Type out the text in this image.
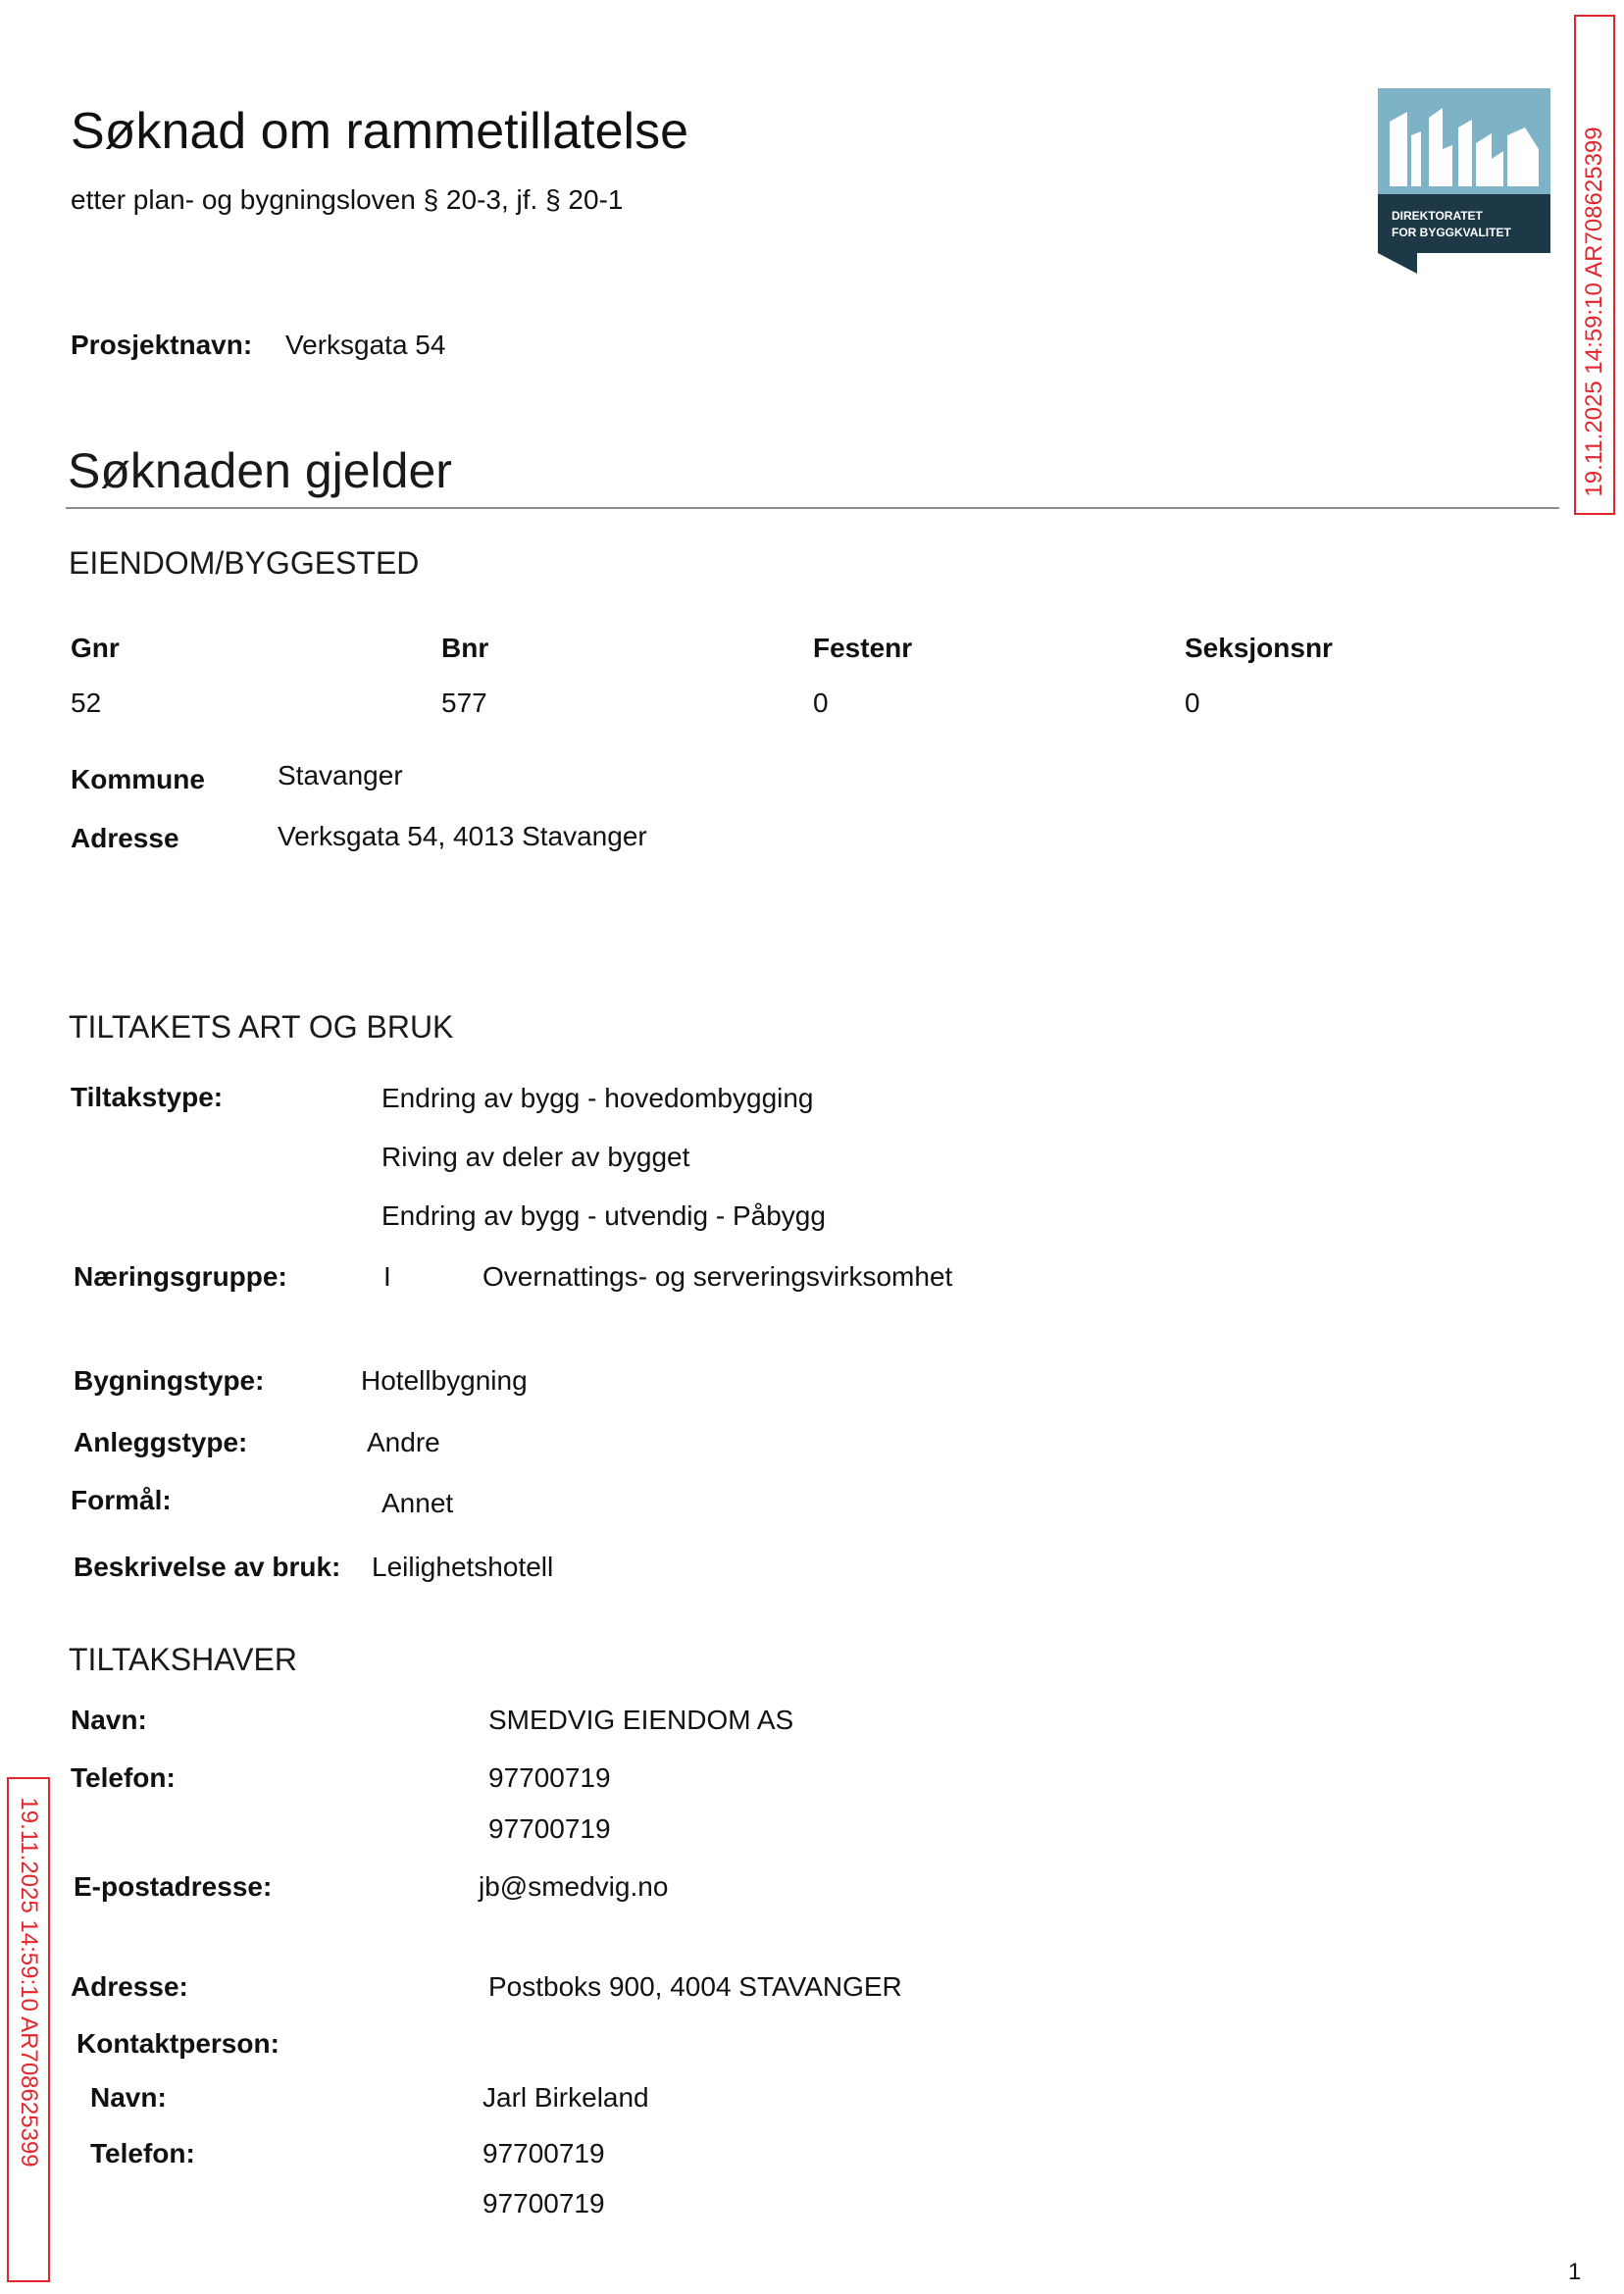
Søknad om rammetillatelse
etter plan- og bygningsloven § 20-3, jf. § 20-1
DIREKTORATET
FOR BYGGKVALITET	19.11.2025 14:59:10 AR708625399
19.11.2025 14:59:10 AR708625399
Prosjektnavn: Verksgata 54
Søknaden gjelder
EIENDOM/BYGGESTED
Gnr	Bnr	Festenr	Seksjonsnr
52	577	0	0
Kommune	Stavanger
Adresse	Verksgata 54, 4013 Stavanger
TILTAKETS ART OG BRUK
Tiltakstype:	Endring av bygg - hovedombygging
Riving av deler av bygget
Endring av bygg - utvendig - Påbygg
Næringsgruppe:	I	Overnattings- og serveringsvirksomhet
Bygningstype:	Hotellbygning
Anleggstype:	Andre
Formål:	Annet
Beskrivelse av bruk: Leilighetshotell
TILTAKSHAVER
Navn:	SMEDVIG EIENDOM AS
Telefon:	97700719
97700719
E-postadresse:	jb@smedvig.no
Adresse:	Postboks 900, 4004 STAVANGER
Kontaktperson:
Navn:	Jarl Birkeland
Telefon:	97700719
97700719
1
